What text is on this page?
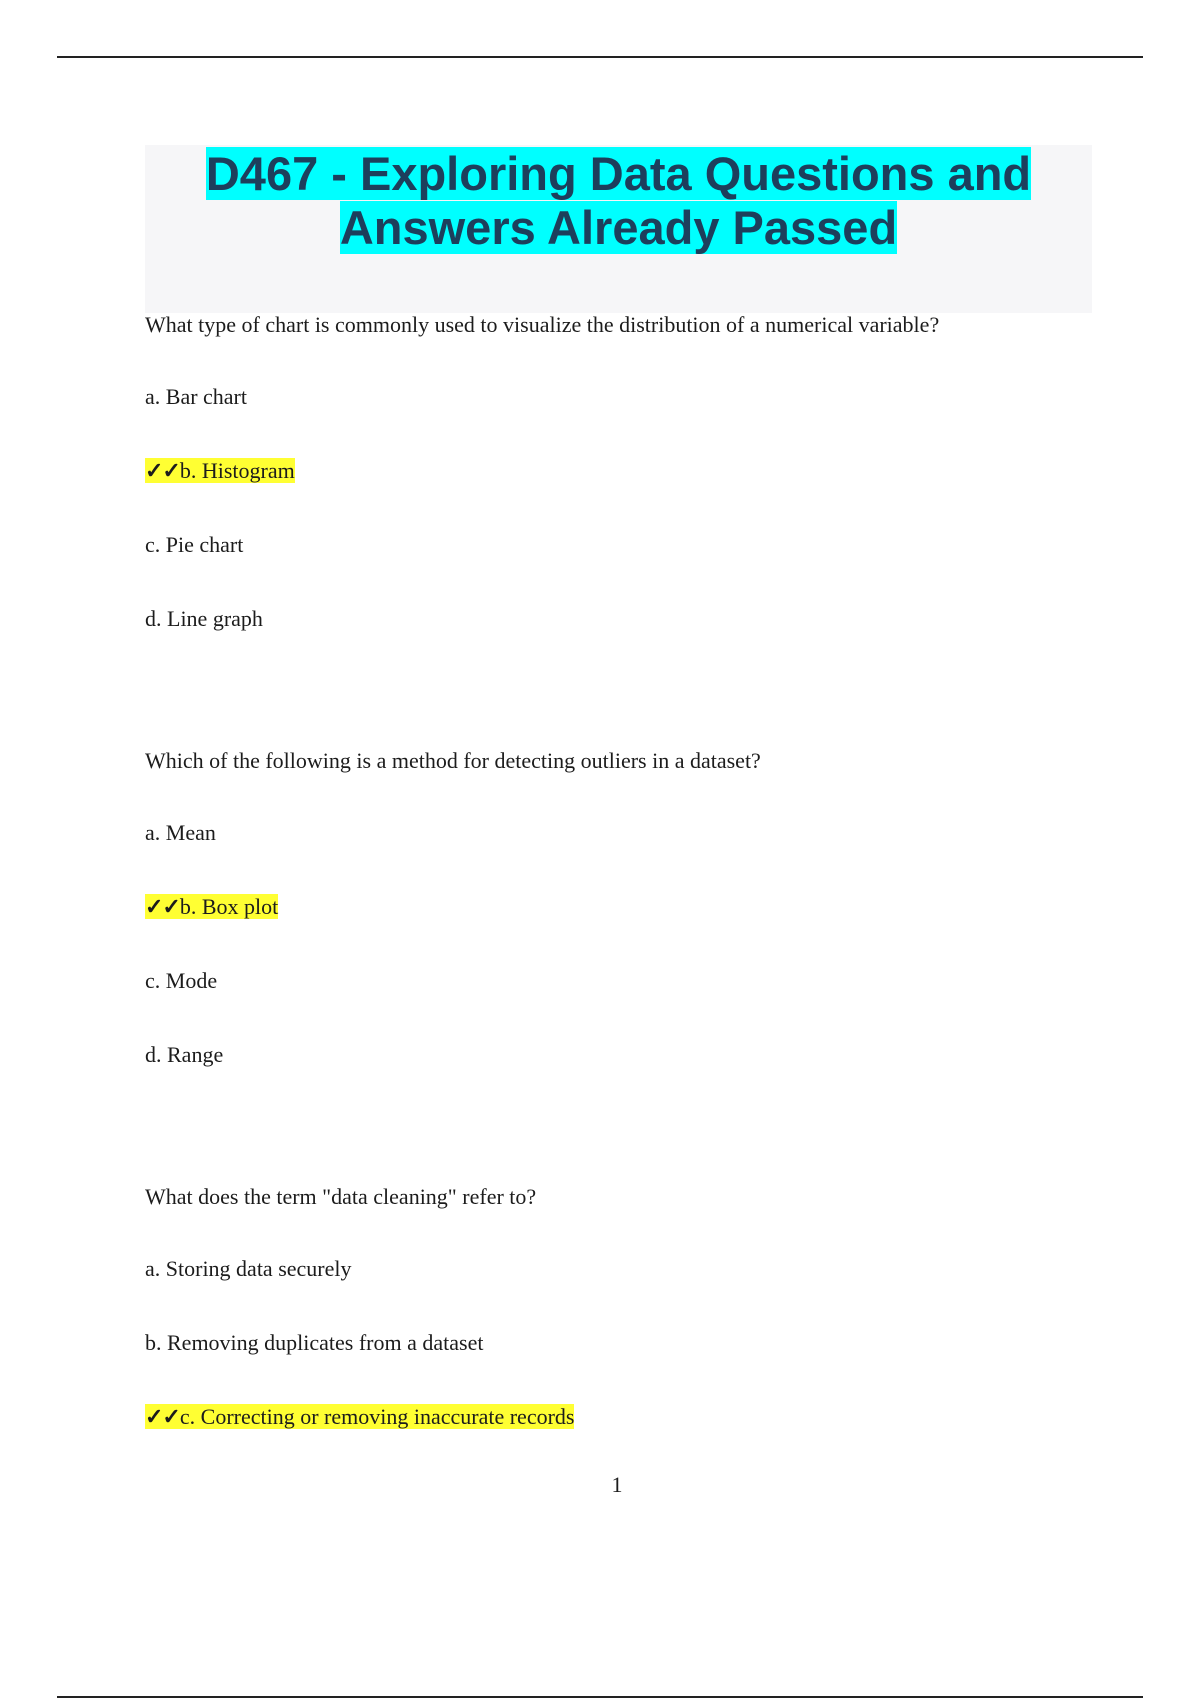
D467 - Exploring Data Questions and
Answers Already Passed
What type of chart is commonly used to visualize the distribution of a numerical variable?
a. Bar chart
✓✓b. Histogram
c. Pie chart
d. Line graph
Which of the following is a method for detecting outliers in a dataset?
a. Mean
✓✓b. Box plot
c. Mode
d. Range
What does the term "data cleaning" refer to?
a. Storing data securely
b. Removing duplicates from a dataset
✓✓c. Correcting or removing inaccurate records
1
